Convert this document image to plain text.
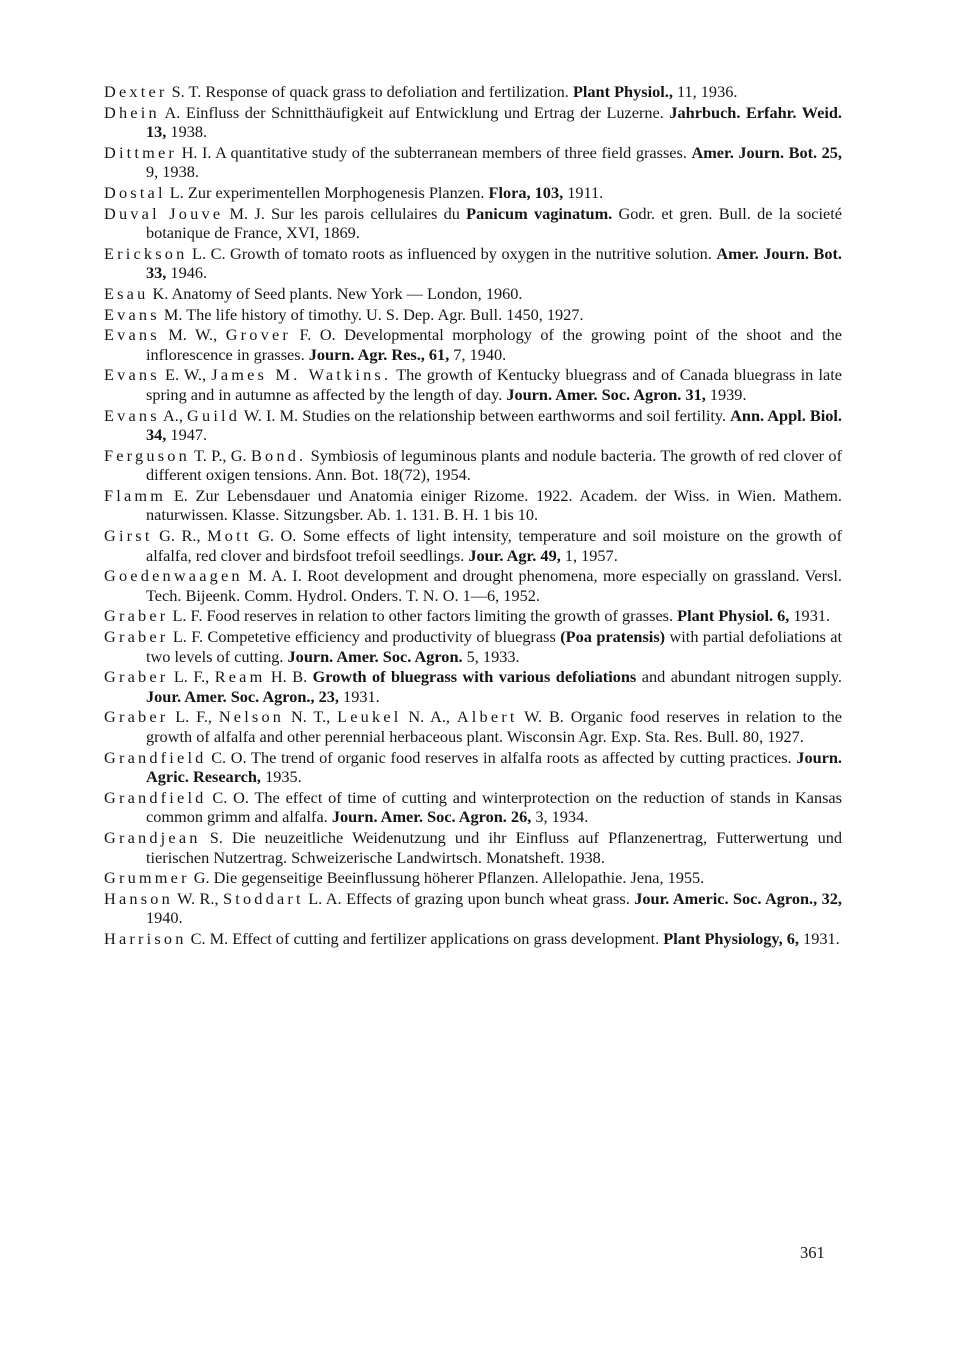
Dexter S. T. Response of quack grass to defoliation and fertilization. Plant Physiol., 11, 1936.

Dhein A. Einfluss der Schnitthäufigkeit auf Entwicklung und Ertrag der Luzerne. Jahrbuch. Erfahr. Weid. 13, 1938.

Dittmer H. I. A quantitative study of the subterranean members of three field grasses. Amer. Journ. Bot. 25, 9, 1938.

Dostal L. Zur experimentellen Morphogenesis Planzen. Flora, 103, 1911.

Duval Jouve M. J. Sur les parois cellulaires du Panicum vaginatum. Godr. et gren. Bull. de la societé botanique de France, XVI, 1869.

Erickson L. C. Growth of tomato roots as influenced by oxygen in the nutritive solution. Amer. Journ. Bot. 33, 1946.

Esau K. Anatomy of Seed plants. New York — London, 1960.

Evans M. The life history of timothy. U. S. Dep. Agr. Bull. 1450, 1927.

Evans M. W., Grover F. O. Developmental morphology of the growing point of the shoot and the inflorescence in grasses. Journ. Agr. Res., 61, 7, 1940.

Evans E. W., James M. Watkins. The growth of Kentucky bluegrass and of Canada bluegrass in late spring and in autumne as affected by the length of day. Journ. Amer. Soc. Agron. 31, 1939.

Evans A., Guild W. I. M. Studies on the relationship between earthworms and soil fertility. Ann. Appl. Biol. 34, 1947.

Ferguson T. P., G. Bond. Symbiosis of leguminous plants and nodule bacteria. The growth of red clover of different oxigen tensions. Ann. Bot. 18(72), 1954.

Flamm E. Zur Lebensdauer und Anatomia einiger Rizome. 1922. Academ. der Wiss. in Wien. Mathem. naturwissen. Klasse. Sitzungsber. Ab. 1. 131. B. H. 1 bis 10.

Girst G. R., Mott G. O. Some effects of light intensity, temperature and soil moisture on the growth of alfalfa, red clover and birdsfoot trefoil seedlings. Jour. Agr. 49, 1, 1957.

Goedenwaagen M. A. I. Root development and drought phenomena, more especially on grassland. Versl. Tech. Bijeenk. Comm. Hydrol. Onders. T. N. O. 1—6, 1952.

Graber L. F. Food reserves in relation to other factors limiting the growth of grasses. Plant Physiol. 6, 1931.

Graber L. F. Competetive efficiency and productivity of bluegrass (Poa pratensis) with partial defoliations at two levels of cutting. Journ. Amer. Soc. Agron. 5, 1933.

Graber L. F., Ream H. B. Growth of bluegrass with various defoliations and abundant nitrogen supply. Jour. Amer. Soc. Agron., 23, 1931.

Graber L. F., Nelson N. T., Leukel N. A., Albert W. B. Organic food reserves in relation to the growth of alfalfa and other perennial herbaceous plant. Wisconsin Agr. Exp. Sta. Res. Bull. 80, 1927.

Grandfield C. O. The trend of organic food reserves in alfalfa roots as affected by cutting practices. Journ. Agric. Research, 1935.

Grandfield C. O. The effect of time of cutting and winterprotection on the reduction of stands in Kansas common grimm and alfalfa. Journ. Amer. Soc. Agron. 26, 3, 1934.

Grandjean S. Die neuzeitliche Weidenutzung und ihr Einfluss auf Pflanzenertrag, Futterwertung und tierischen Nutzertrag. Schweizerische Landwirtsch. Monatsheft. 1938.

Grummer G. Die gegenseitige Beeinflussung höherer Pflanzen. Allelopathie. Jena, 1955.

Hanson W. R., Stoddart L. A. Effects of grazing upon bunch wheat grass. Jour. Americ. Soc. Agron., 32, 1940.

Harrison C. M. Effect of cutting and fertilizer applications on grass development. Plant Physiology, 6, 1931.

361
